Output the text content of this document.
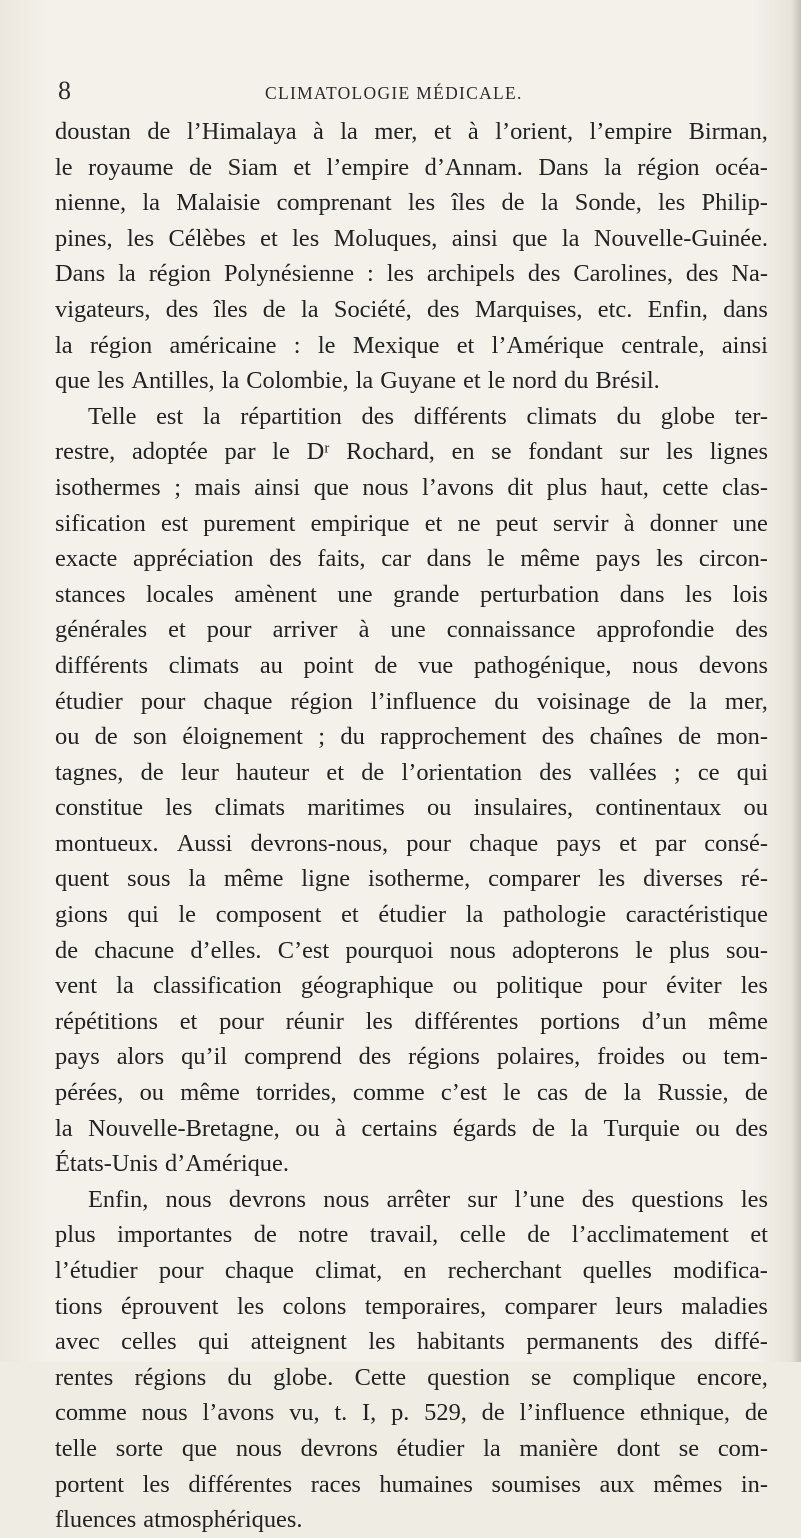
8	CLIMATOLOGIE MÉDICALE.
doustan de l’Himalaya à la mer, et à l’orient, l’empire Birman,
le royaume de Siam et l’empire d’Annam. Dans la région océa-
nienne, la Malaisie comprenant les îles de la Sonde, les Philip-
pines, les Célèbes et les Moluques, ainsi que la Nouvelle-Guinée.
Dans la région Polynésienne : les archipels des Carolines, des Na-
vigateurs, des îles de la Société, des Marquises, etc. Enfin, dans
la région américaine : le Mexique et l’Amérique centrale, ainsi
que les Antilles, la Colombie, la Guyane et le nord du Brésil.
Telle est la répartition des différents climats du globe ter-
restre, adoptée par le Dʳ Rochard, en se fondant sur les lignes
isothermes ; mais ainsi que nous l’avons dit plus haut, cette clas-
sification est purement empirique et ne peut servir à donner une
exacte appréciation des faits, car dans le même pays les circon-
stances locales amènent une grande perturbation dans les lois
générales et pour arriver à une connaissance approfondie des
différents climats au point de vue pathogénique, nous devons
étudier pour chaque région l’influence du voisinage de la mer,
ou de son éloignement ; du rapprochement des chaînes de mon-
tagnes, de leur hauteur et de l’orientation des vallées ; ce qui
constitue les climats maritimes ou insulaires, continentaux ou
montueux. Aussi devrons-nous, pour chaque pays et par consé-
quent sous la même ligne isotherme, comparer les diverses ré-
gions qui le composent et étudier la pathologie caractéristique
de chacune d’elles. C’est pourquoi nous adopterons le plus sou-
vent la classification géographique ou politique pour éviter les
répétitions et pour réunir les différentes portions d’un même
pays alors qu’il comprend des régions polaires, froides ou tem-
pérées, ou même torrides, comme c’est le cas de la Russie, de
la Nouvelle-Bretagne, ou à certains égards de la Turquie ou des
États-Unis d’Amérique.
Enfin, nous devrons nous arrêter sur l’une des questions les
plus importantes de notre travail, celle de l’acclimatement et
l’étudier pour chaque climat, en recherchant quelles modifica-
tions éprouvent les colons temporaires, comparer leurs maladies
avec celles qui atteignent les habitants permanents des diffé-
rentes régions du globe. Cette question se complique encore,
comme nous l’avons vu, t. I, p. 529, de l’influence ethnique, de
telle sorte que nous devrons étudier la manière dont se com-
portent les différentes races humaines soumises aux mêmes in-
fluences atmosphériques.
